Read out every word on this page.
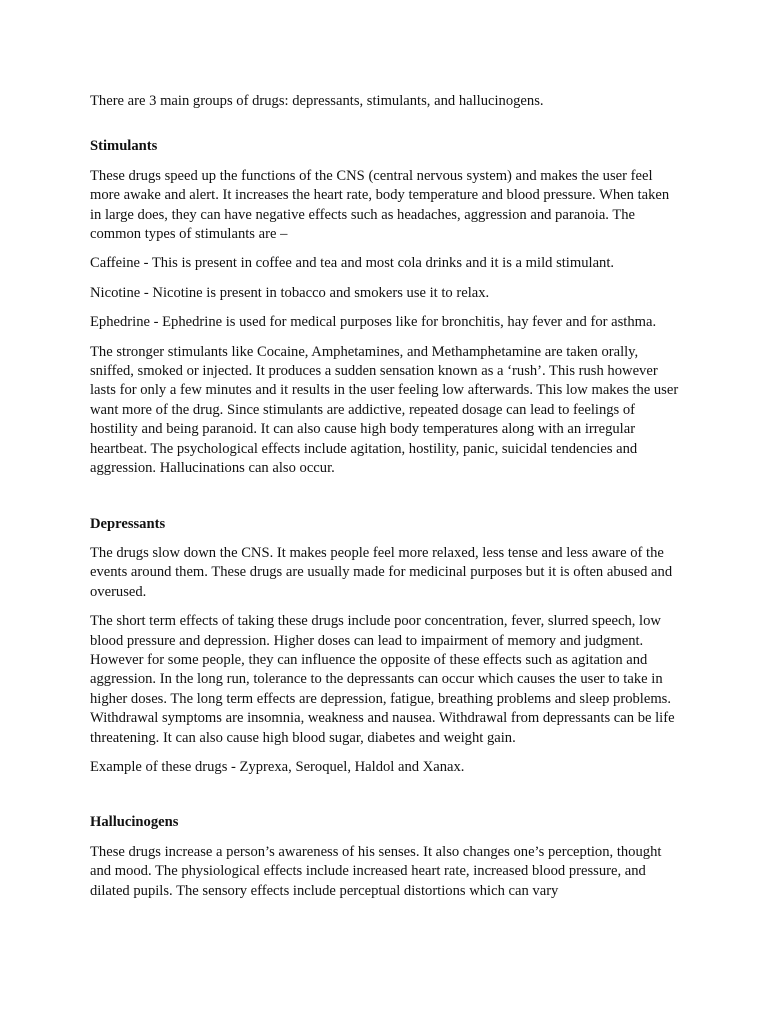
There are 3 main groups of drugs: depressants, stimulants, and hallucinogens.

Stimulants

These drugs speed up the functions of the CNS (central nervous system) and makes the user feel more awake and alert. It increases the heart rate, body temperature and blood pressure. When taken in large does, they can have negative effects such as headaches, aggression and paranoia. The common types of stimulants are –

Caffeine - This is present in coffee and tea and most cola drinks and it is a mild stimulant.

Nicotine - Nicotine is present in tobacco and smokers use it to relax.

Ephedrine - Ephedrine is used for medical purposes like for bronchitis, hay fever and for asthma.

The stronger stimulants like Cocaine, Amphetamines, and Methamphetamine are taken orally, sniffed, smoked or injected. It produces a sudden sensation known as a ‘rush’. This rush however lasts for only a few minutes and it results in the user feeling low afterwards. This low makes the user want more of the drug. Since stimulants are addictive, repeated dosage can lead to feelings of hostility and being paranoid. It can also cause high body temperatures along with an irregular heartbeat. The psychological effects include agitation, hostility, panic, suicidal tendencies and aggression. Hallucinations can also occur.

Depressants

The drugs slow down the CNS. It makes people feel more relaxed, less tense and less aware of the events around them. These drugs are usually made for medicinal purposes but it is often abused and overused.

The short term effects of taking these drugs include poor concentration, fever, slurred speech, low blood pressure and depression. Higher doses can lead to impairment of memory and judgment. However for some people, they can influence the opposite of these effects such as agitation and aggression. In the long run, tolerance to the depressants can occur which causes the user to take in higher doses. The long term effects are depression, fatigue, breathing problems and sleep problems. Withdrawal symptoms are insomnia, weakness and nausea. Withdrawal from depressants can be life threatening. It can also cause high blood sugar, diabetes and weight gain.

Example of these drugs - Zyprexa, Seroquel, Haldol and Xanax.

Hallucinogens

These drugs increase a person’s awareness of his senses. It also changes one’s perception, thought and mood. The physiological effects include increased heart rate, increased blood pressure, and dilated pupils. The sensory effects include perceptual distortions which can vary
